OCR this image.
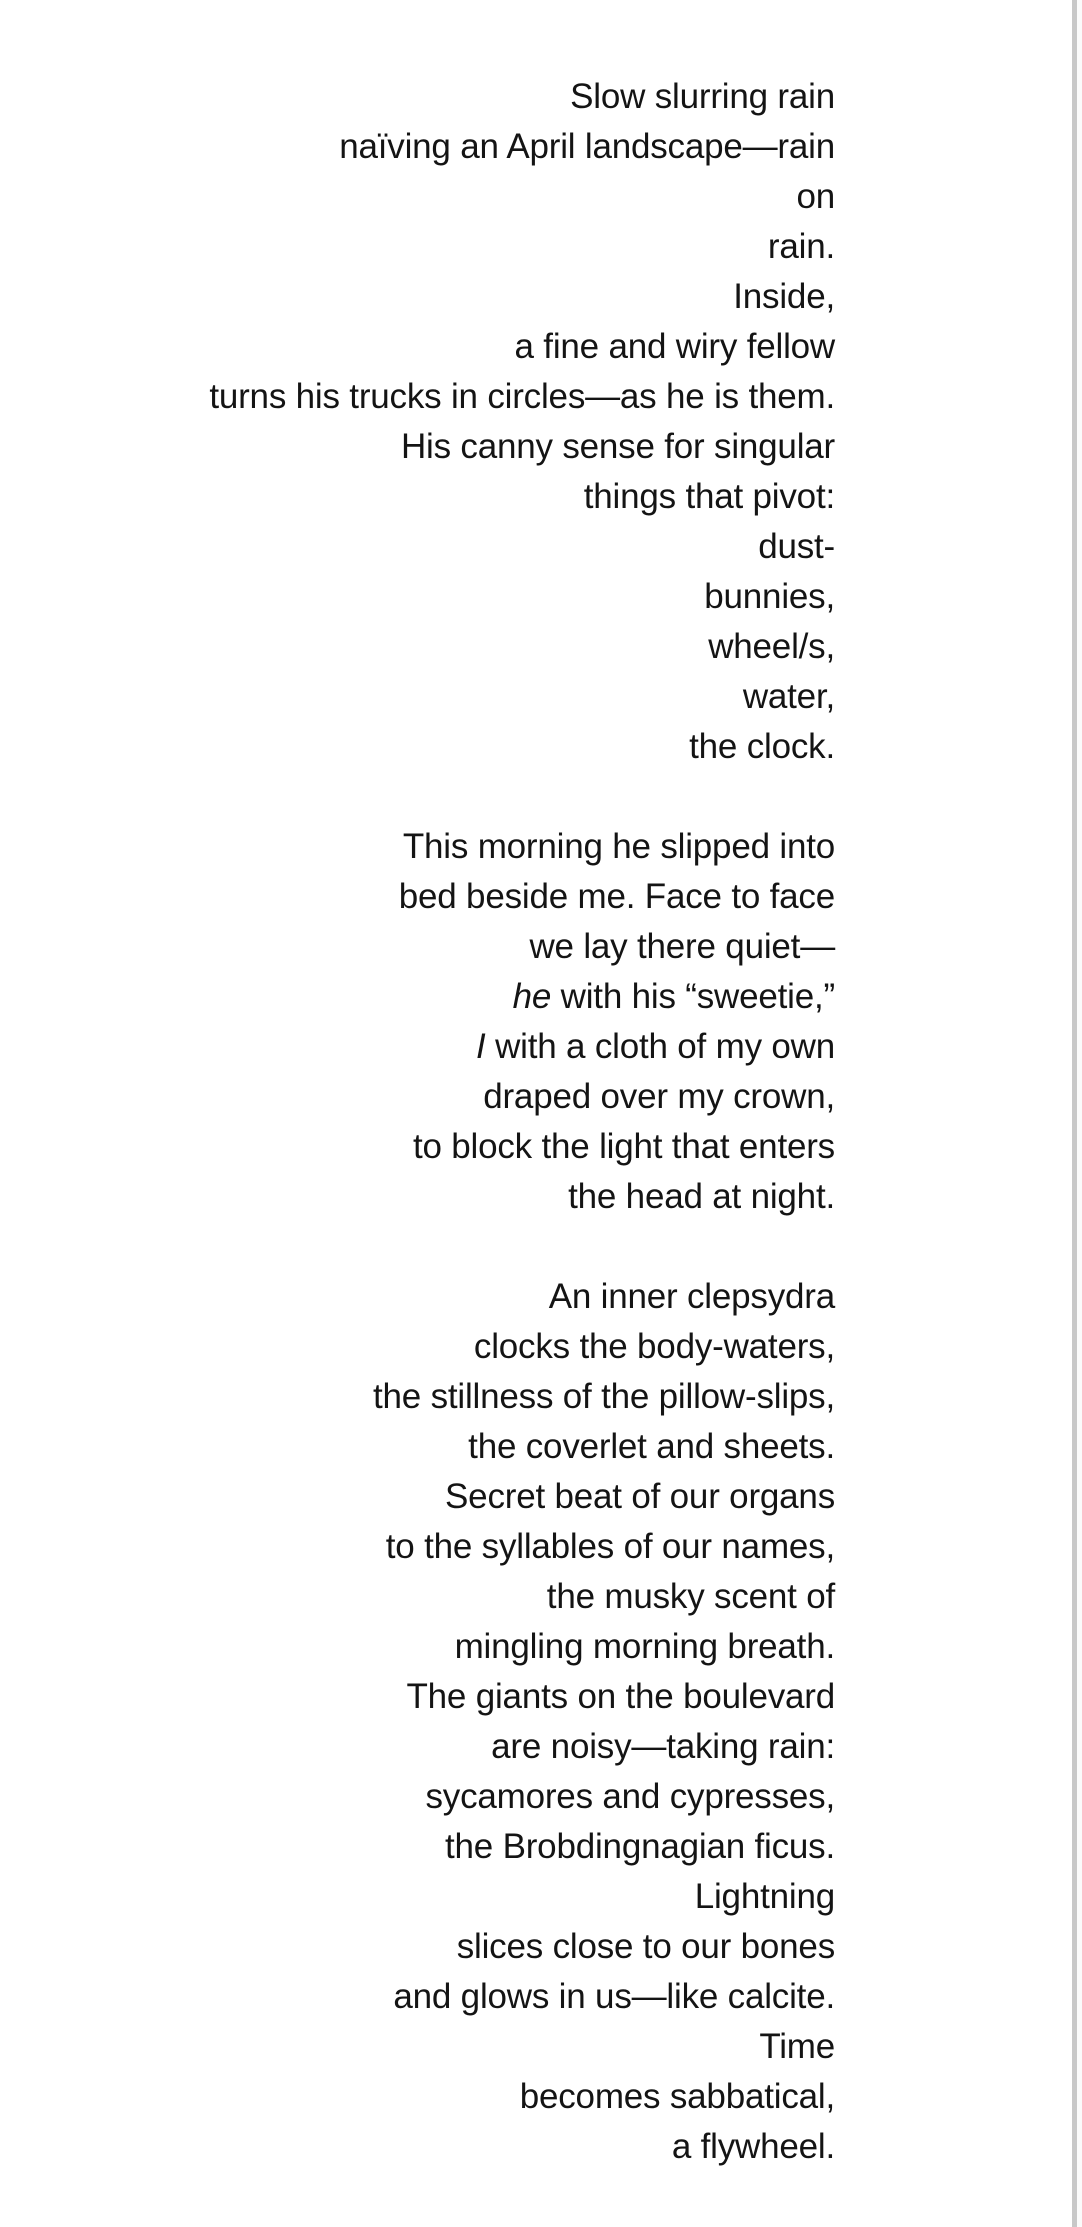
Slow slurring rain
naïving an April landscape—rain
on
rain.
Inside,
a fine and wiry fellow
turns his trucks in circles—as he is them.
His canny sense for singular
things that pivot:
dust-
bunnies,
wheel/s,
water,
the clock.
This morning he slipped into
bed beside me. Face to face
we lay there quiet—
he with his “sweetie,”
I with a cloth of my own
draped over my crown,
to block the light that enters
the head at night.
An inner clepsydra
clocks the body-waters,
the stillness of the pillow-slips,
the coverlet and sheets.
Secret beat of our organs
to the syllables of our names,
the musky scent of
mingling morning breath.
The giants on the boulevard
are noisy—taking rain:
sycamores and cypresses,
the Brobdingnagian ficus.
Lightning
slices close to our bones
and glows in us—like calcite.
Time
becomes sabbatical,
a flywheel.
